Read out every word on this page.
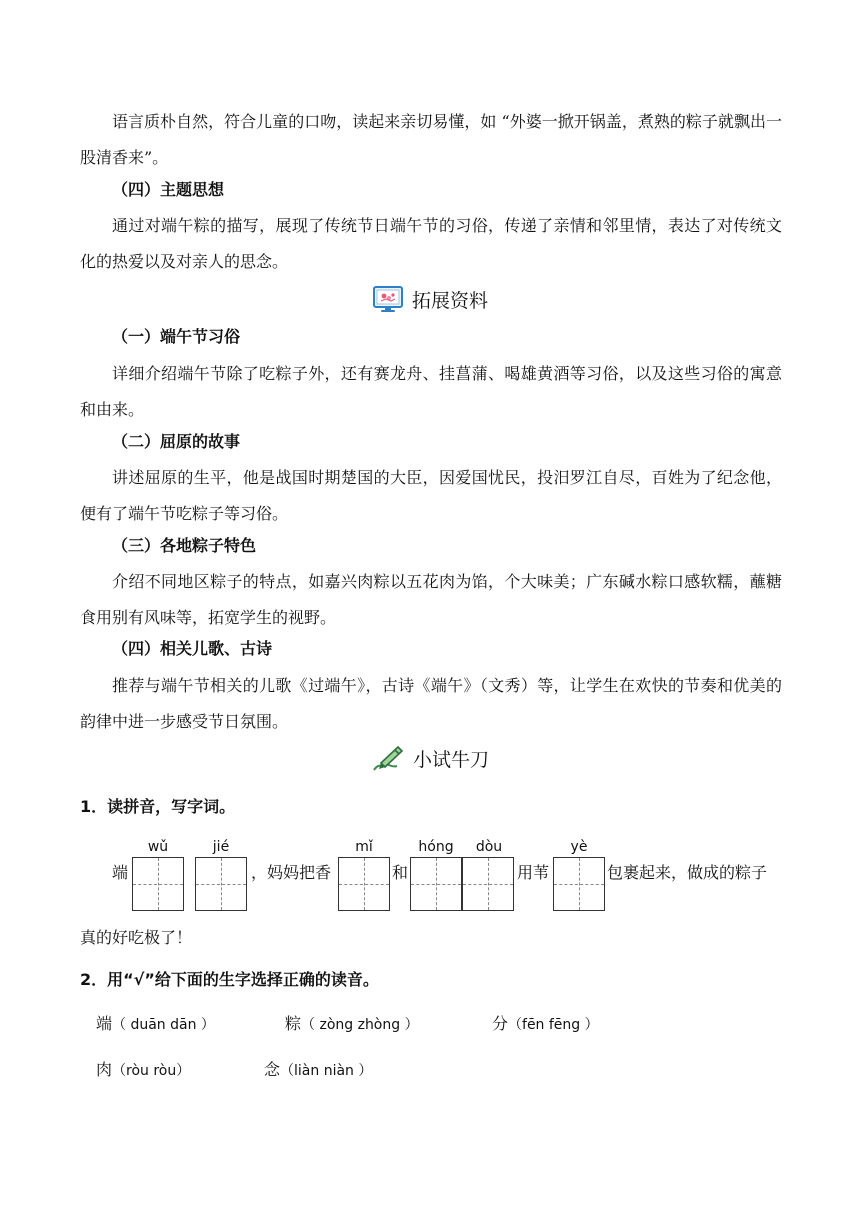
语言质朴自然，符合儿童的口吻，读起来亲切易懂，如 “外婆一掀开锅盖，煮熟的粽子就飘出一股清香来”。

（四）主题思想

通过对端午粽的描写，展现了传统节日端午节的习俗，传递了亲情和邻里情，表达了对传统文化的热爱以及对亲人的思念。

拓展资料

（一）端午节习俗

详细介绍端午节除了吃粽子外，还有赛龙舟、挂菖蒲、喝雄黄酒等习俗，以及这些习俗的寓意和由来。

（二）屈原的故事

讲述屈原的生平，他是战国时期楚国的大臣，因爱国忧民，投汨罗江自尽，百姓为了纪念他，便有了端午节吃粽子等习俗。

（三）各地粽子特色

介绍不同地区粽子的特点，如嘉兴肉粽以五花肉为馅，个大味美；广东碱水粽口感软糯，蘸糖食用别有风味等，拓宽学生的视野。

（四）相关儿歌、古诗

推荐与端午节相关的儿歌《过端午》，古诗《端午》（文秀）等，让学生在欢快的节奏和优美的韵律中进一步感受节日氛围。

小试牛刀

1．读拼音，写字词。

wǔ	jié	mǐ	hóng	dòu	yè
端	，妈妈把香	和	用苇	包裹起来，做成的粽子
真的好吃极了！

2．用“√”给下面的生字选择正确的读音。

端（ duān dān ）	粽（ zòng zhòng ）	分（fēn fēng ）
肉（ròu ròu）	念（liàn niàn ）
